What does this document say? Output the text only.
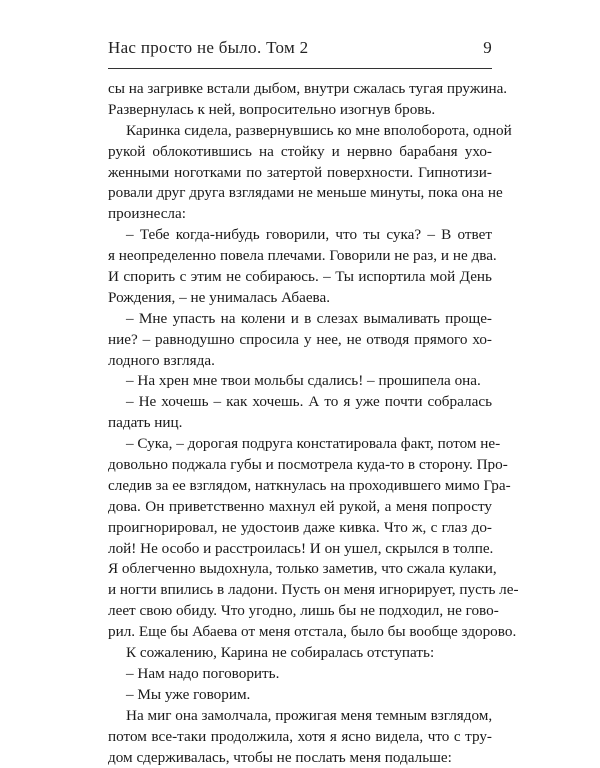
Нас просто не было. Том 2	9
сы на загривке встали дыбом, внутри сжалась тугая пружина.
Развернулась к ней, вопросительно изогнув бровь.
Каринка сидела, развернувшись ко мне вполоборота, одной
рукой облокотившись на стойку и нервно барабаня ухо-
женными ноготками по затертой поверхности. Гипнотизи-
ровали друг друга взглядами не меньше минуты, пока она не
произнесла:
– Тебе когда-нибудь говорили, что ты сука? – В ответ
я неопределенно повела плечами. Говорили не раз, и не два.
И спорить с этим не собираюсь. – Ты испортила мой День
Рождения, – не унималась Абаева.
– Мне упасть на колени и в слезах вымаливать проще-
ние? – равнодушно спросила у нее, не отводя прямого хо-
лодного взгляда.
– На хрен мне твои мольбы сдались! – прошипела она.
– Не хочешь – как хочешь. А то я уже почти собралась
падать ниц.
– Сука, – дорогая подруга констатировала факт, потом не-
довольно поджала губы и посмотрела куда-то в сторону. Про-
следив за ее взглядом, наткнулась на проходившего мимо Гра-
дова. Он приветственно махнул ей рукой, а меня попросту
проигнорировал, не удостоив даже кивка. Что ж, с глаз до-
лой! Не особо и расстроилась! И он ушел, скрылся в толпе.
Я облегченно выдохнула, только заметив, что сжала кулаки,
и ногти впились в ладони. Пусть он меня игнорирует, пусть ле-
леет свою обиду. Что угодно, лишь бы не подходил, не гово-
рил. Еще бы Абаева от меня отстала, было бы вообще здорово.
К сожалению, Карина не собиралась отступать:
– Нам надо поговорить.
– Мы уже говорим.
На миг она замолчала, прожигая меня темным взглядом,
потом все-таки продолжила, хотя я ясно видела, что с тру-
дом сдерживалась, чтобы не послать меня подальше:
